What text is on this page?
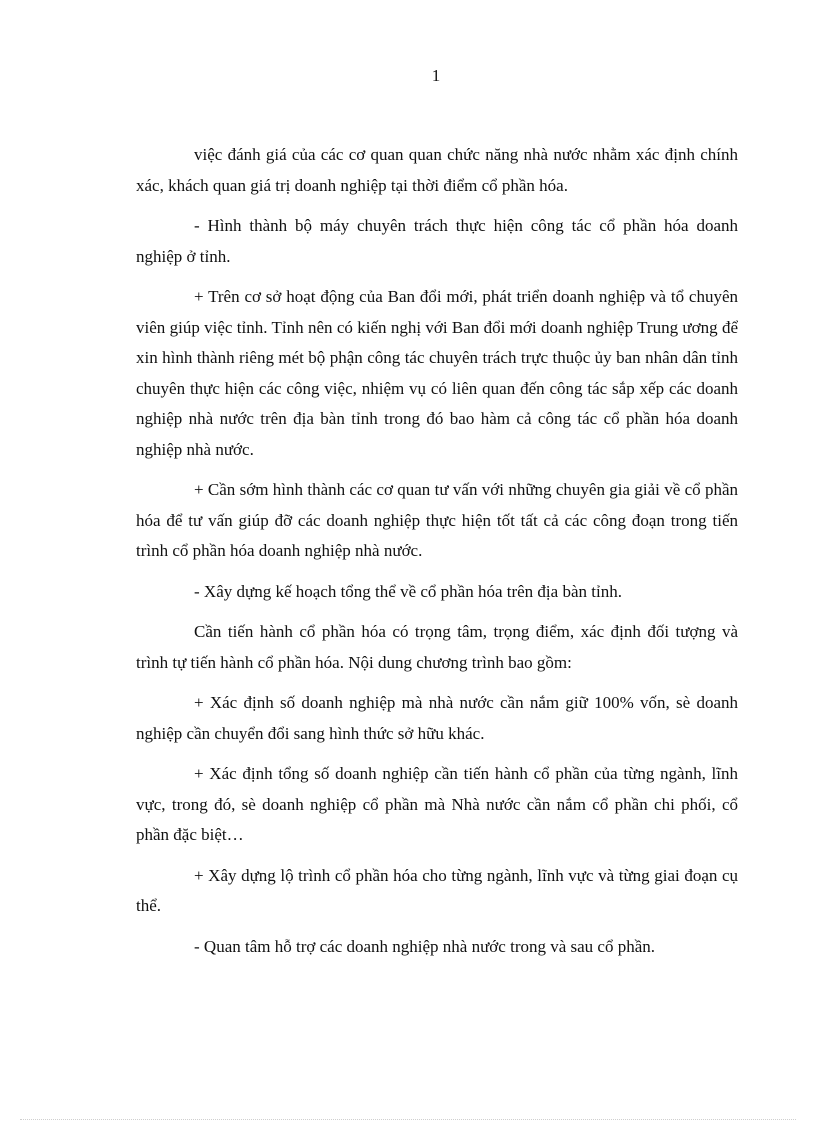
1

việc đánh giá của các cơ quan quan chức năng nhà nước nhằm xác định chính xác, khách quan giá trị doanh nghiệp tại thời điểm cổ phần hóa.

- Hình thành bộ máy chuyên trách thực hiện công tác cổ phần hóa doanh nghiệp ở tỉnh.

+ Trên cơ sở hoạt động của Ban đổi mới, phát triển doanh nghiệp và tổ chuyên viên giúp việc tỉnh. Tỉnh nên có kiến nghị với Ban đổi mới doanh nghiệp Trung ương để xin hình thành riêng mét bộ phận công tác chuyên trách trực thuộc ủy ban nhân dân tỉnh chuyên thực hiện các công việc, nhiệm vụ có liên quan đến công tác sắp xếp các doanh nghiệp nhà nước trên địa bàn tỉnh trong đó bao hàm cả công tác cổ phần hóa doanh nghiệp nhà nước.

+ Cần sớm hình thành các cơ quan tư vấn với những chuyên gia giải về cổ phần hóa để tư vấn giúp đỡ các doanh nghiệp thực hiện tốt tất cả các công đoạn trong tiến trình cổ phần hóa doanh nghiệp nhà nước.

- Xây dựng kế hoạch tổng thể về cổ phần hóa trên địa bàn tỉnh.

Cần tiến hành cổ phần hóa có trọng tâm, trọng điểm, xác định đối tượng và trình tự tiến hành cổ phần hóa. Nội dung chương trình bao gồm:

+ Xác định số doanh nghiệp mà nhà nước cần nắm giữ 100% vốn, sè doanh nghiệp cần chuyển đổi sang hình thức sở hữu khác.

+ Xác định tổng số doanh nghiệp cần tiến hành cổ phần của từng ngành, lĩnh vực, trong đó, sè doanh nghiệp cổ phần mà Nhà nước cần nắm cổ phần chi phối, cổ phần đặc biệt…

+ Xây dựng lộ trình cổ phần hóa cho từng ngành, lĩnh vực và từng giai đoạn cụ thể.

- Quan tâm hỗ trợ các doanh nghiệp nhà nước trong và sau cổ phần.
